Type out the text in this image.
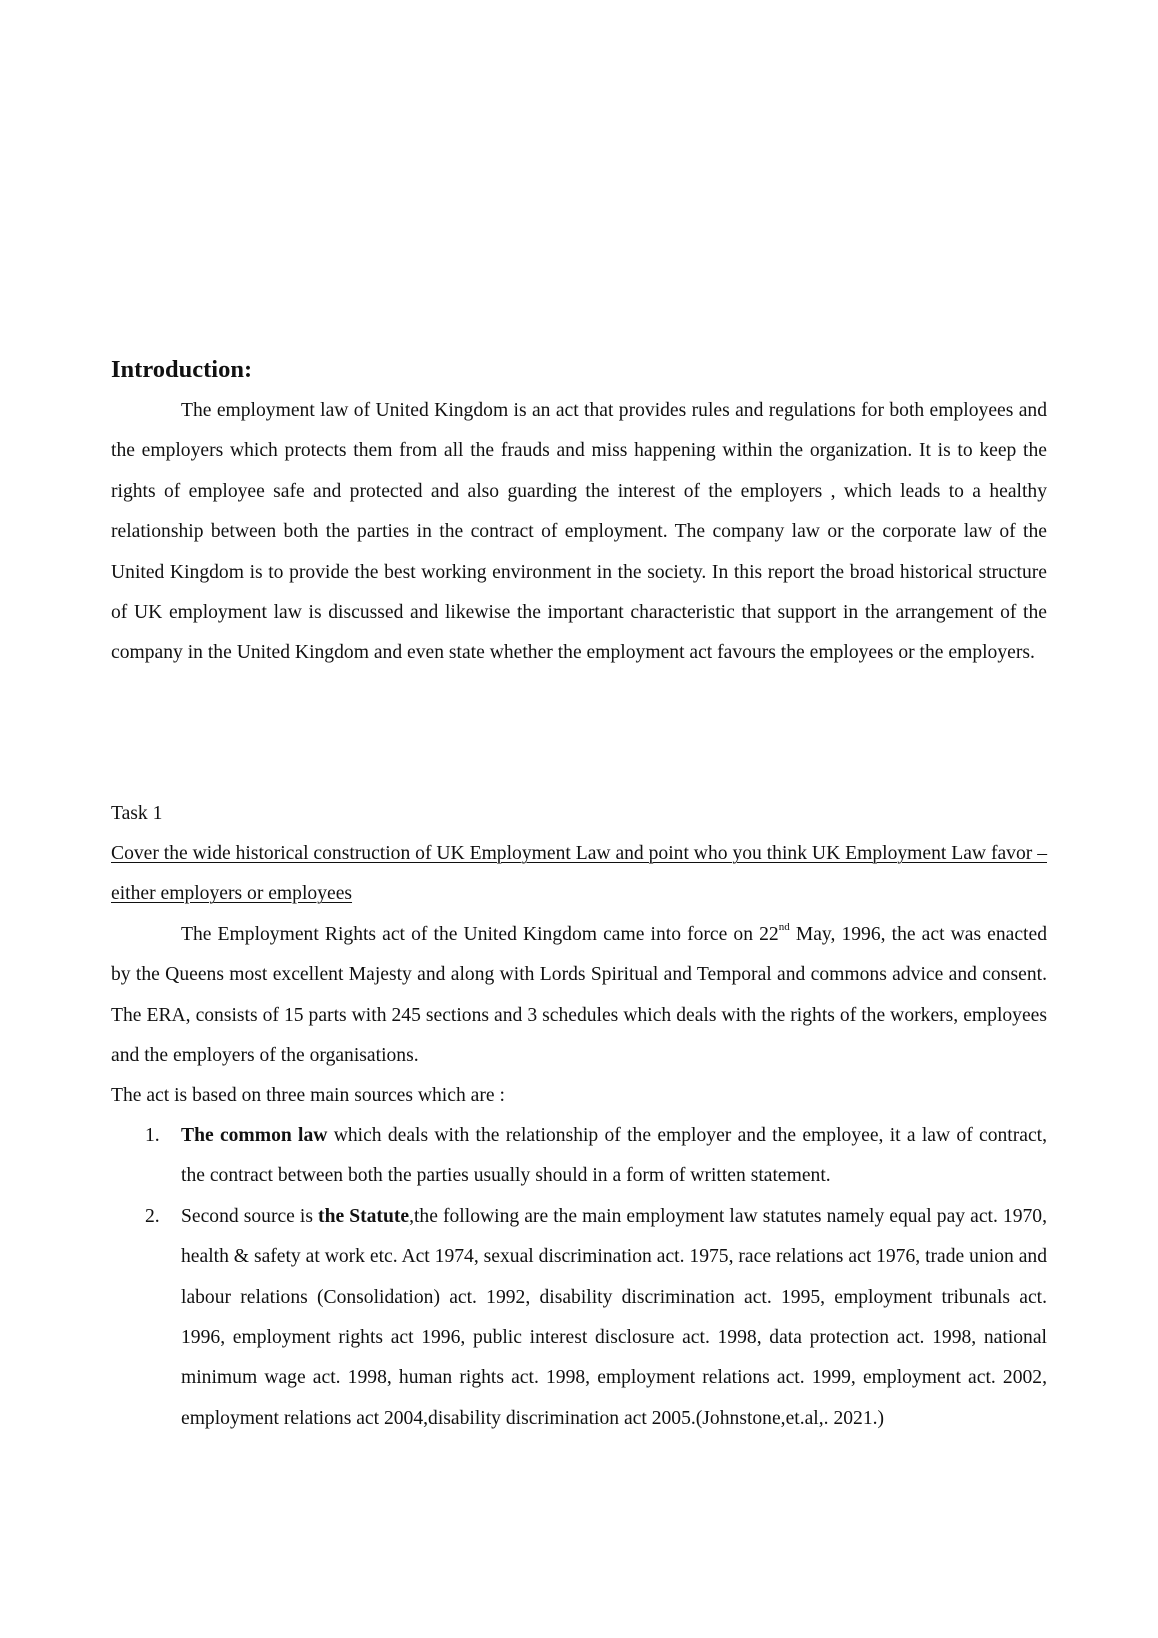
Introduction:

The employment law of United Kingdom is an act that provides rules and regulations for both employees and the employers which protects them from all the frauds and miss happening within the organization. It is to keep the rights of employee safe and protected and also guarding the interest of the employers , which leads to a healthy relationship between both the parties in the contract of employment. The company law or the corporate law of the United Kingdom is to provide the best working environment in the society. In this report the broad historical structure of UK employment law is discussed and likewise the important characteristic that support in the arrangement of the company in the United Kingdom and even state whether the employment act favours the employees or the employers.

Task 1
Cover the wide historical construction of UK Employment Law and point who you think UK Employment Law favor – either employers or employees

The Employment Rights act of the United Kingdom came into force on 22nd May, 1996, the act was enacted by the Queens most excellent Majesty and along with Lords Spiritual and Temporal and commons advice and consent. The ERA, consists of 15 parts with 245 sections and 3 schedules which deals with the rights of the workers, employees and the employers of the organisations.

The act is based on three main sources which are :
1. The common law which deals with the relationship of the employer and the employee, it a law of contract, the contract between both the parties usually should in a form of written statement.
2. Second source is the Statute,the following are the main employment law statutes namely equal pay act. 1970, health & safety at work etc. Act 1974, sexual discrimination act. 1975, race relations act 1976, trade union and labour relations (Consolidation) act. 1992, disability discrimination act. 1995, employment tribunals act. 1996, employment rights act 1996, public interest disclosure act. 1998, data protection act. 1998, national minimum wage act. 1998, human rights act. 1998, employment relations act. 1999, employment act. 2002, employment relations act 2004,disability discrimination act 2005.(Johnstone,et.al,. 2021.)
